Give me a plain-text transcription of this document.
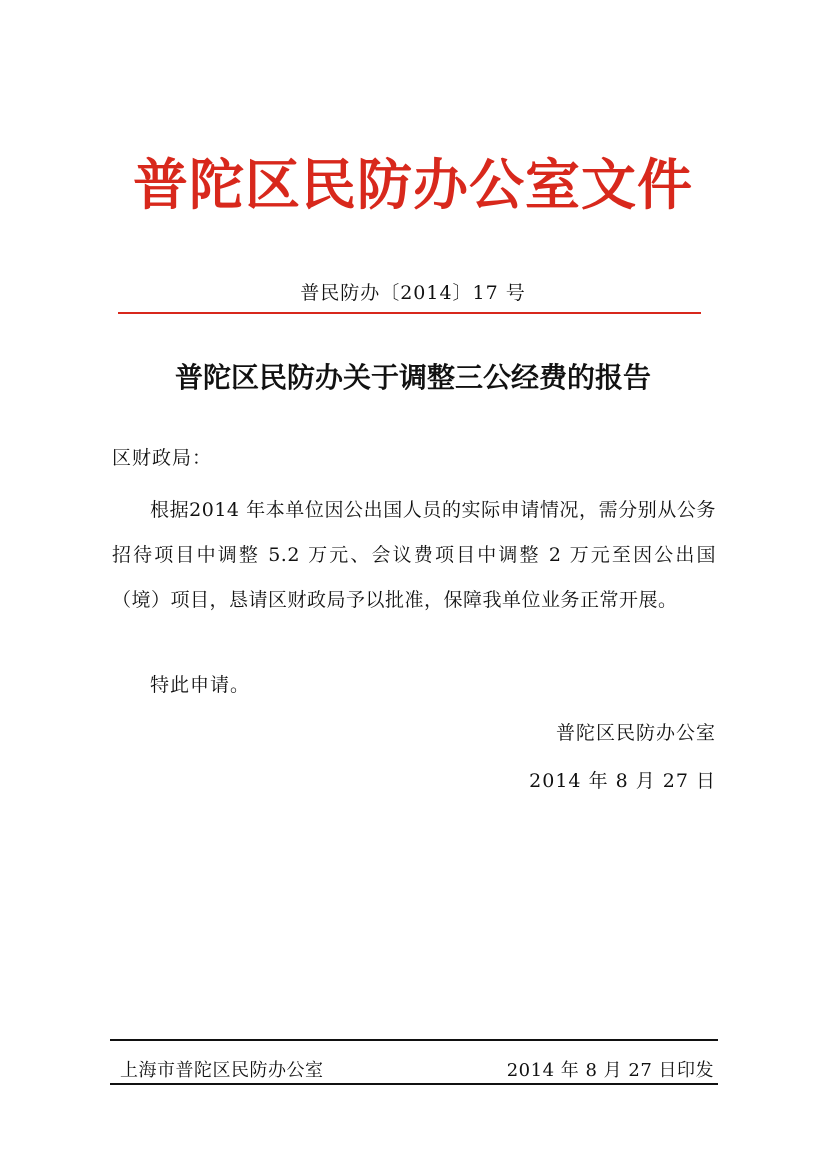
普陀区民防办公室文件
普民防办〔2014〕17 号
普陀区民防办关于调整三公经费的报告
区财政局：

根据2014 年本单位因公出国人员的实际申请情况，需分别从公务招待项目中调整 5.2 万元、会议费项目中调整 2 万元至因公出国（境）项目，恳请区财政局予以批准，保障我单位业务正常开展。

特此申请。

普陀区民防办公室
2014 年 8 月 27 日
上海市普陀区民防办公室	2014 年 8 月 27 日印发
